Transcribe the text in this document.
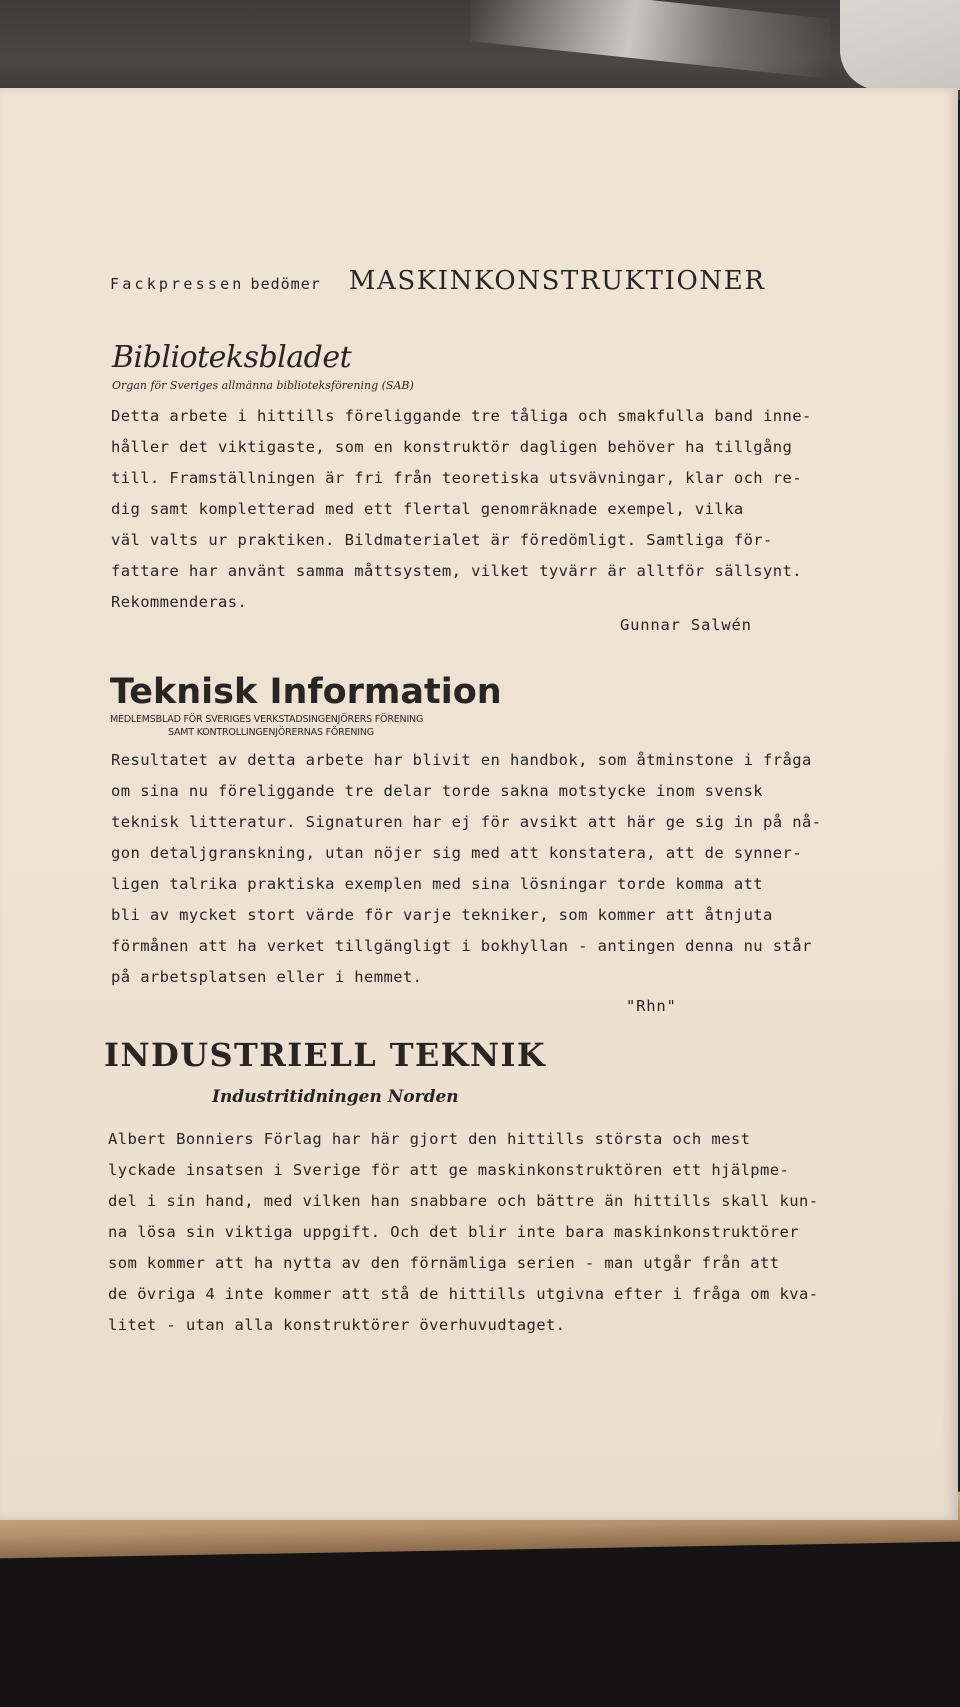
Fackpressen bedömer MASKINKONSTRUKTIONER
Biblioteksbladet
Organ för Sveriges allmänna biblioteksförening (SAB)
Detta arbete i hittills föreliggande tre tåliga och smakfulla band inne-
håller det viktigaste, som en konstruktör dagligen behöver ha tillgång
till. Framställningen är fri från teoretiska utsvävningar, klar och re-
dig samt kompletterad med ett flertal genomräknade exempel, vilka
väl valts ur praktiken. Bildmaterialet är föredömligt. Samtliga för-
fattare har använt samma måttsystem, vilket tyvärr är alltför sällsynt.
Rekommenderas.
Gunnar Salwén
Teknisk Information
MEDLEMSBLAD FÖR SVERIGES VERKSTADSINGENJÖRERS FÖRENING
SAMT KONTROLLINGENJÖRERNAS FÖRENING
Resultatet av detta arbete har blivit en handbok, som åtminstone i fråga
om sina nu föreliggande tre delar torde sakna motstycke inom svensk
teknisk litteratur. Signaturen har ej för avsikt att här ge sig in på nå-
gon detaljgranskning, utan nöjer sig med att konstatera, att de synner-
ligen talrika praktiska exemplen med sina lösningar torde komma att
bli av mycket stort värde för varje tekniker, som kommer att åtnjuta
förmånen att ha verket tillgängligt i bokhyllan - antingen denna nu står
på arbetsplatsen eller i hemmet.
"Rhn"
INDUSTRIELL TEKNIK
Industritidningen Norden
Albert Bonniers Förlag har här gjort den hittills största och mest
lyckade insatsen i Sverige för att ge maskinkonstruktören ett hjälpme-
del i sin hand, med vilken han snabbare och bättre än hittills skall kun-
na lösa sin viktiga uppgift. Och det blir inte bara maskinkonstruktörer
som kommer att ha nytta av den förnämliga serien - man utgår från att
de övriga 4 inte kommer att stå de hittills utgivna efter i fråga om kva-
litet - utan alla konstruktörer överhuvudtaget.
